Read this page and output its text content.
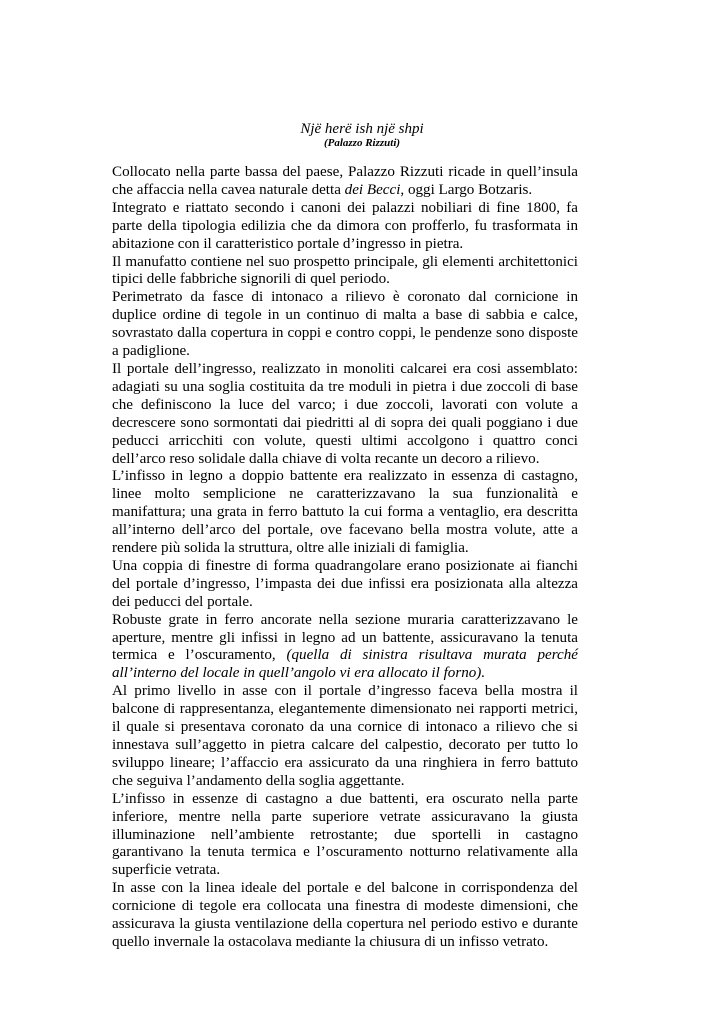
Një herë ish një shpi
(Palazzo Rizzuti)

Collocato nella parte bassa del paese, Palazzo Rizzuti ricade in quell’insula che affaccia nella cavea naturale detta dei Becci, oggi Largo Botzaris.

Integrato e riattato secondo i canoni dei palazzi nobiliari di fine 1800, fa parte della tipologia edilizia che da dimora con profferlo, fu trasformata in abitazione con il caratteristico portale d’ingresso in pietra.

Il manufatto contiene nel suo prospetto principale, gli elementi architettonici tipici delle fabbriche signorili di quel periodo.

Perimetrato da fasce di intonaco a rilievo è coronato dal cornicione in duplice ordine di tegole in un continuo di malta a base di sabbia e calce, sovrastato dalla copertura in coppi e contro coppi, le pendenze sono disposte a padiglione.

Il portale dell’ingresso, realizzato in monoliti calcarei era cosi assemblato: adagiati su una soglia costituita da tre moduli in pietra i due zoccoli di base che definiscono la luce del varco; i due zoccoli, lavorati con volute a decrescere sono sormontati dai piedritti al di sopra dei quali poggiano i due peducci arricchiti con volute, questi ultimi accolgono i quattro conci dell’arco reso solidale dalla chiave di volta recante un decoro a rilievo.

L’infisso in legno a doppio battente era realizzato in essenza di castagno, linee molto semplicione ne caratterizzavano la sua funzionalità e manifattura; una grata in ferro battuto la cui forma a ventaglio, era descritta all’interno dell’arco del portale, ove facevano bella mostra volute, atte a rendere più solida la struttura, oltre alle iniziali di famiglia.

Una coppia di finestre di forma quadrangolare erano posizionate ai fianchi del portale d’ingresso, l’impasta dei due infissi era posizionata alla altezza dei peducci del portale.

Robuste grate in ferro ancorate nella sezione muraria caratterizzavano le aperture, mentre gli infissi in legno ad un battente, assicuravano la tenuta termica e l’oscuramento, (quella di sinistra risultava murata perché all’interno del locale in quell’angolo vi era allocato il forno).

Al primo livello in asse con il portale d’ingresso faceva bella mostra il balcone di rappresentanza, elegantemente dimensionato nei rapporti metrici, il quale si presentava coronato da una cornice di intonaco a rilievo che si innestava sull’aggetto in pietra calcare del calpestio, decorato per tutto lo sviluppo lineare; l’affaccio era assicurato da una ringhiera in ferro battuto che seguiva l’andamento della soglia aggettante.

L’infisso in essenze di castagno a due battenti, era oscurato nella parte inferiore, mentre nella parte superiore vetrate assicuravano la giusta illuminazione nell’ambiente retrostante; due sportelli in castagno garantivano la tenuta termica e l’oscuramento notturno relativamente alla superficie vetrata.

In asse con la linea ideale del portale e del balcone in corrispondenza del cornicione di tegole era collocata una finestra di modeste dimensioni, che assicurava la giusta ventilazione della copertura nel periodo estivo e durante quello invernale la ostacolava mediante la chiusura di un infisso vetrato.
